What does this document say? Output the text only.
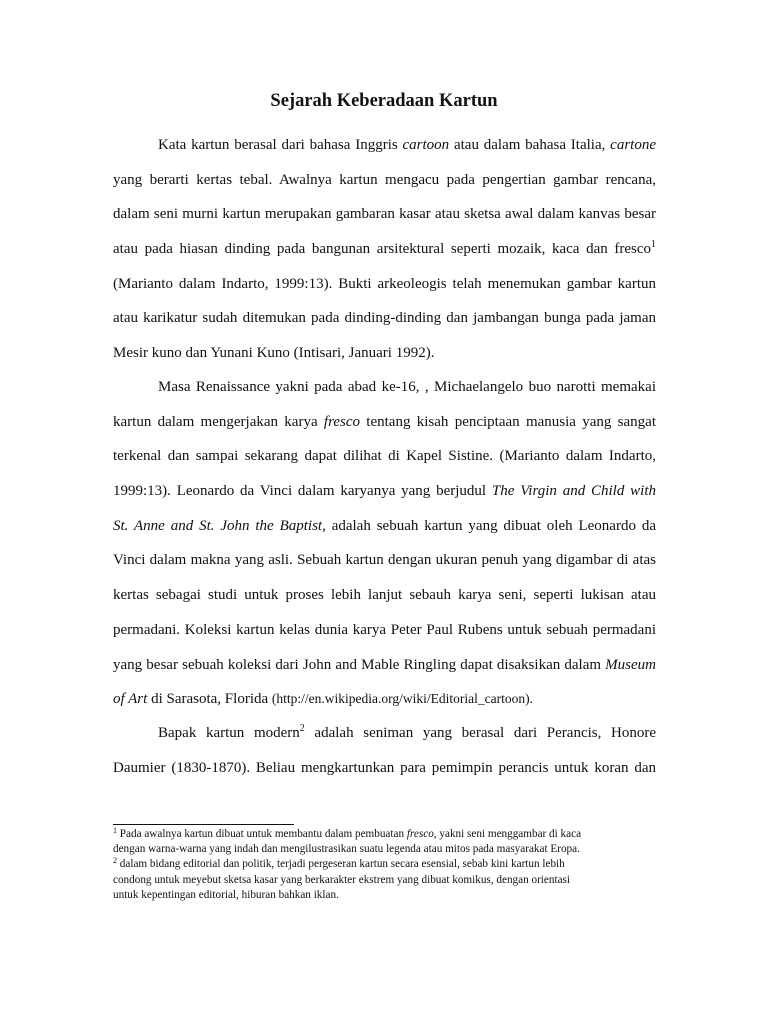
Sejarah Keberadaan Kartun
Kata kartun berasal dari bahasa Inggris cartoon atau dalam bahasa Italia, cartone
yang berarti kertas tebal. Awalnya kartun mengacu pada pengertian gambar rencana,
dalam seni murni kartun merupakan gambaran kasar atau sketsa awal dalam kanvas besar
atau pada hiasan dinding pada bangunan arsitektural seperti mozaik, kaca dan fresco$^1$
(Marianto dalam Indarto, 1999:13). Bukti arkeoleogis telah menemukan gambar kartun
atau karikatur sudah ditemukan pada dinding-dinding dan jambangan bunga pada jaman
Mesir kuno dan Yunani Kuno (Intisari, Januari 1992).
Masa Renaissance yakni pada abad ke-16, , Michaelangelo buo narotti memakai
kartun dalam mengerjakan karya fresco tentang kisah penciptaan manusia yang sangat
terkenal dan sampai sekarang dapat dilihat di Kapel Sistine. (Marianto dalam Indarto,
1999:13). Leonardo da Vinci dalam karyanya yang berjudul The Virgin and Child with
St. Anne and St. John the Baptist, adalah sebuah kartun yang dibuat oleh Leonardo da
Vinci dalam makna yang asli. Sebuah kartun dengan ukuran penuh yang digambar di atas
kertas sebagai studi untuk proses lebih lanjut sebauh karya seni, seperti lukisan atau
permadani. Koleksi kartun kelas dunia karya Peter Paul Rubens untuk sebuah permadani
yang besar sebuah koleksi dari John and Mable Ringling dapat disaksikan dalam Museum
of Art di Sarasota, Florida (http://en.wikipedia.org/wiki/Editorial_cartoon).
Bapak kartun modern$^2$ adalah seniman yang berasal dari Perancis, Honore
Daumier (1830-1870). Beliau mengkartunkan para pemimpin perancis untuk koran dan
$^1$ Pada awalnya kartun dibuat untuk membantu dalam pembuatan fresco, yakni seni menggambar di kaca
dengan warna-warna yang indah dan mengilustrasikan suatu legenda atau mitos pada masyarakat Eropa.
$^2$ dalam bidang editorial dan politik, terjadi pergeseran kartun secara esensial, sebab kini kartun lebih
condong untuk meyebut sketsa kasar yang berkarakter ekstrem yang dibuat komikus, dengan orientasi
untuk kepentingan editorial, hiburan bahkan iklan.
